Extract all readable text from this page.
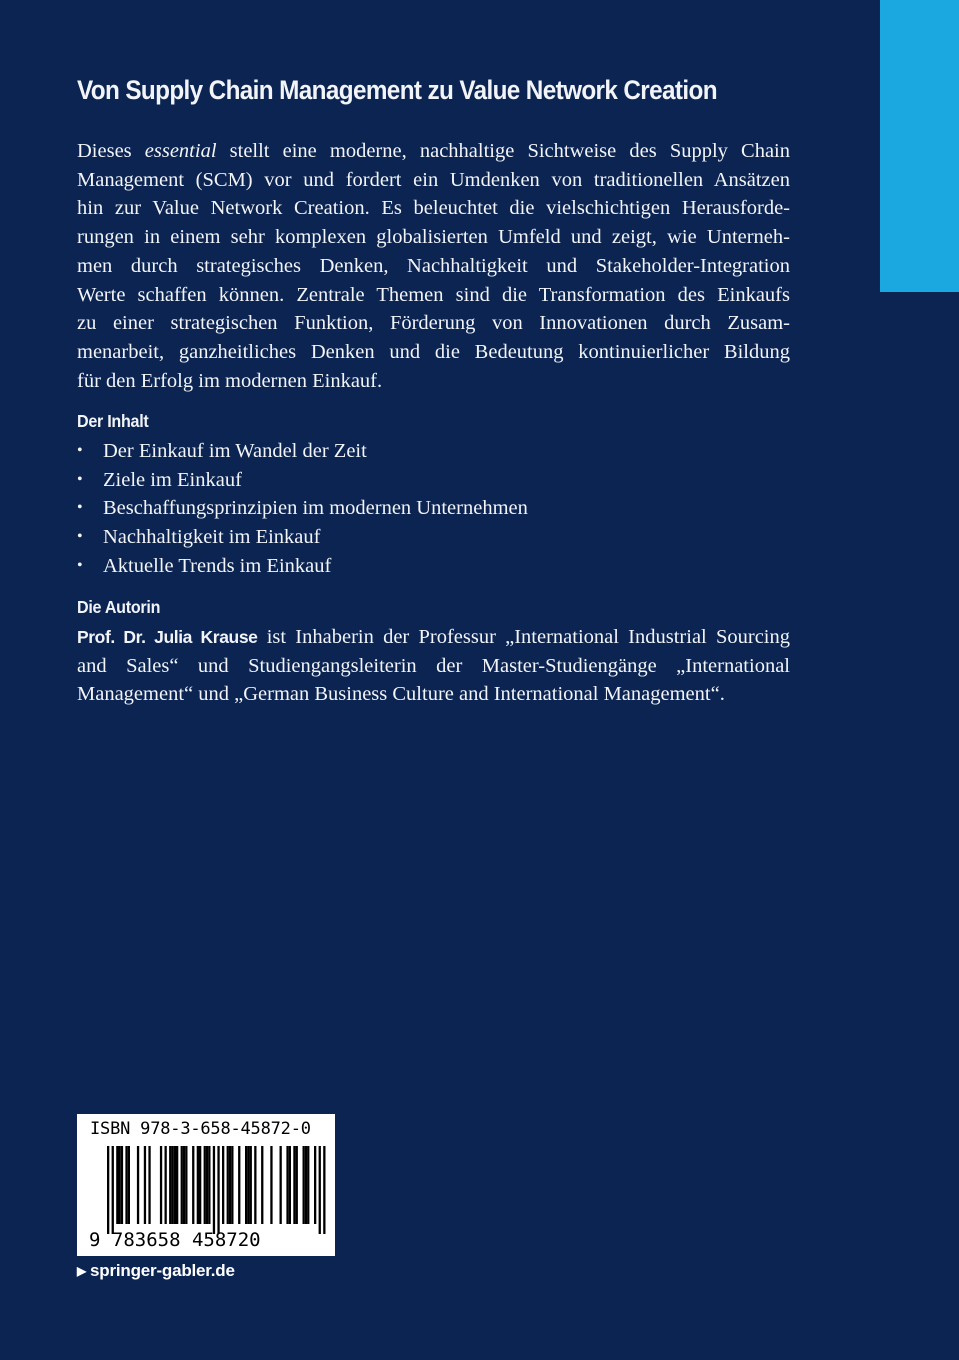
Von Supply Chain Management zu Value Network Creation
Dieses essential stellt eine moderne, nachhaltige Sichtweise des Supply Chain
Management (SCM) vor und fordert ein Umdenken von traditionellen Ansätzen
hin zur Value Network Creation. Es beleuchtet die vielschichtigen Herausforde-
rungen in einem sehr komplexen globalisierten Umfeld und zeigt, wie Unterneh-
men durch strategisches Denken, Nachhaltigkeit und Stakeholder-Integration
Werte schaffen können. Zentrale Themen sind die Transformation des Einkaufs
zu einer strategischen Funktion, Förderung von Innovationen durch Zusam-
menarbeit, ganzheitliches Denken und die Bedeutung kontinuierlicher Bildung
für den Erfolg im modernen Einkauf.
Der Inhalt
• Der Einkauf im Wandel der Zeit
• Ziele im Einkauf
• Beschaffungsprinzipien im modernen Unternehmen
• Nachhaltigkeit im Einkauf
• Aktuelle Trends im Einkauf
Die Autorin
Prof. Dr. Julia Krause ist Inhaberin der Professur „International Industrial Sourcing
and Sales“ und Studiengangsleiterin der Master-Studiengänge „International
Management“ und „German Business Culture and International Management“.
ISBN 978-3-658-45872-0
9 783658 458720
▶ springer-gabler.de
